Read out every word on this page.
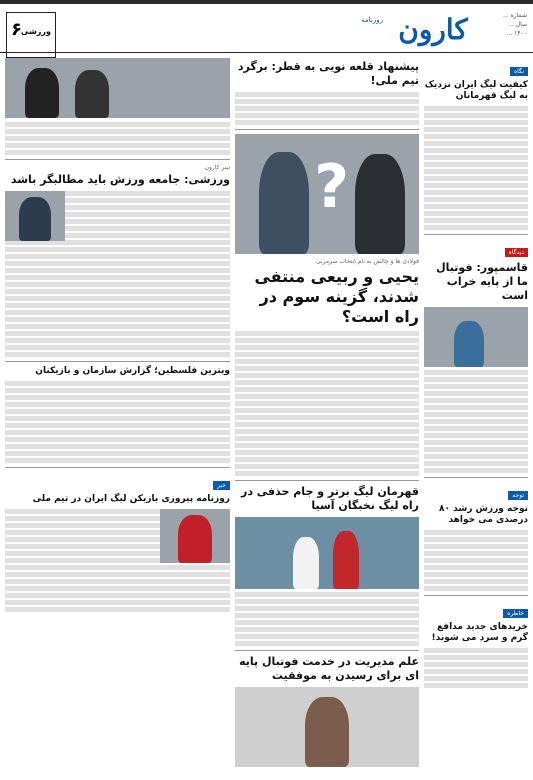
شماره ...
سال ...
۱۴۰۰ ...
کارون
روزنامه
۶
ورزشی
نگاه
کیفیت لیگ ایران نزدیک به لیگ قهرمانان
دیدگاه
قاسمپور: فوتبال ما از پایه خراب است
توجه
توجه ورزش رشد ۸۰ درصدی می خواهد
خاطره
خریدهای جدید مدافع گرم و سرد می شوند!
پیشنهاد قلعه نویی به قطر: برگرد تیم ملی!
?
فولادی ها و چالش به نام انتخاب سرمربی
یحیی و ربیعی منتفی شدند، گزینه سوم در راه است؟
قهرمان لیگ برتر و جام حذفی در راه لیگ نخبگان آسیا
علم مدیریت در خدمت فوتبال پایه ای برای رسیدن به موفقیت
تیتر کارون
ورزشی: جامعه ورزش باید مطالبگر باشد
ویترین فلسطین؛ گزارش سازمان و بازیکنان
خبر
روزنامه پیروزی بازیکن لیگ ایران در تیم ملی
